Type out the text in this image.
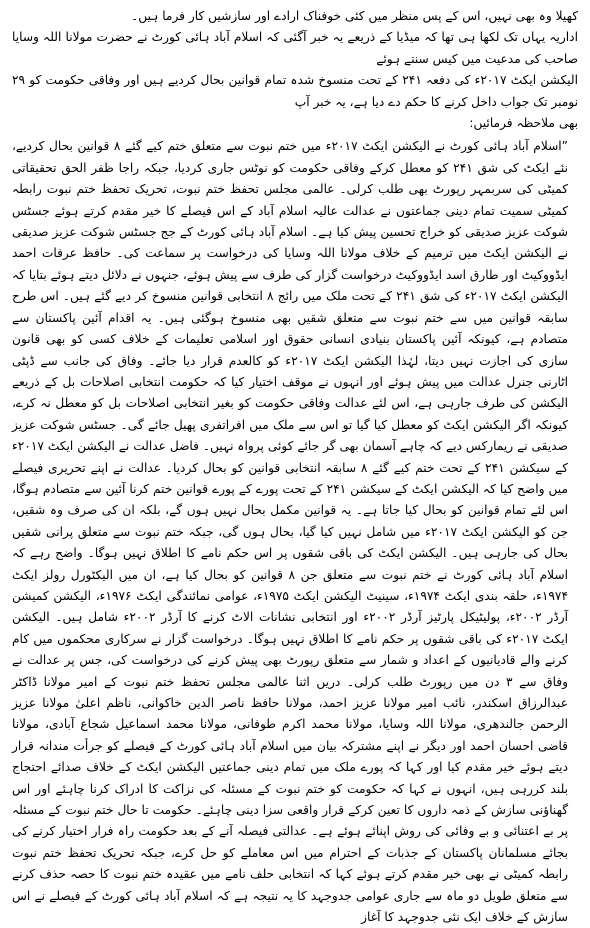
کھیلا وہ بھی نہیں، اس کے پس منظر میں کئی خوفناک ارادے اور سازشیں کار فرما ہیں۔
اداریہ یہاں تک لکھا ہی تھا کہ میڈیا کے ذریعے یہ خبر آگئی کہ اسلام آباد ہائی کورٹ نے حضرت مولانا اللہ وسایا صاحب کی مدعیت میں کیس سنتے ہوئے
الیکشن ایکٹ ۲۰۱۷ء کی دفعہ ۲۴۱ کے تحت منسوخ شدہ تمام قوانین بحال کردیے ہیں اور وفاقی حکومت کو ۲۹ نومبر تک جواب داخل کرنے کا حکم دے دیا ہے، یہ خبر آپ
بھی ملاحظہ فرمائیں:

”اسلام آباد ہائی کورٹ نے الیکشن ایکٹ ۲۰۱۷ء میں ختم نبوت سے متعلق ختم کیے گئے ۸ قوانین بحال کردیے، نئے ایکٹ کی شق ۲۴۱ کو معطل کرکے وفاقی حکومت کو نوٹس جاری کردیا، جبکہ راجا ظفر الحق تحقیقاتی کمیٹی کی سربمہر رپورٹ بھی طلب کرلی۔ عالمی مجلس تحفظ ختم نبوت، تحریک تحفظ ختم نبوت رابطہ کمیٹی سمیت تمام دینی جماعتوں نے عدالت عالیہ اسلام آباد کے اس فیصلے کا خیر مقدم کرتے ہوئے جسٹس شوکت عزیز صدیقی کو خراج تحسین پیش کیا ہے۔ اسلام آباد ہائی کورٹ کے جج جسٹس شوکت عزیز صدیقی نے الیکشن ایکٹ میں ترمیم کے خلاف مولانا اللہ وسایا کی درخواست پر سماعت کی۔ حافظ عرفات احمد ایڈووکیٹ اور طارق اسد ایڈووکیٹ درخواست گزار کی طرف سے پیش ہوئے، جنہوں نے دلائل دیتے ہوئے بتایا کہ الیکشن ایکٹ ۲۰۱۷ء کی شق ۲۴۱ کے تحت ملک میں رائج ۸ انتخابی قوانین منسوخ کر دیے گئے ہیں۔ اس طرح سابقہ قوانین میں سے ختم نبوت سے متعلق شقیں بھی منسوخ ہوگئی ہیں۔ یہ اقدام آئین پاکستان سے متصادم ہے، کیونکہ آئین پاکستان بنیادی انسانی حقوق اور اسلامی تعلیمات کے خلاف کسی کو بھی قانون سازی کی اجازت نہیں دیتا، لہٰذا الیکشن ایکٹ ۲۰۱۷ء کو کالعدم قرار دیا جائے۔ وفاق کی جانب سے ڈپٹی اٹارنی جنرل عدالت میں پیش ہوئے اور انہوں نے موقف اختیار کیا کہ حکومت انتخابی اصلاحات بل کے ذریعے الیکشن کی طرف جارہی ہے، اس لئے عدالت وفاقی حکومت کو بغیر انتخابی اصلاحات بل کو معطل نہ کرے، کیونکہ اگر الیکشن ایکٹ کو معطل کیا گیا تو اس سے ملک میں افراتفری پھیل جائے گی۔ جسٹس شوکت عزیز صدیقی نے ریمارکس دیے کہ چاہے آسمان بھی گر جائے کوئی پرواہ نہیں۔ فاضل عدالت نے الیکشن ایکٹ ۲۰۱۷ء کے سیکشن ۲۴۱ کے تحت ختم کیے گئے ۸ سابقہ انتخابی قوانین کو بحال کردیا۔ عدالت نے اپنے تحریری فیصلے میں واضح کیا کہ الیکشن ایکٹ کے سیکشن ۲۴۱ کے تحت پورے کے پورے قوانین ختم کرنا آئین سے متصادم ہوگا، اس لئے تمام قوانین کو بحال کیا جاتا ہے۔ یہ قوانین مکمل بحال نہیں ہوں گے، بلکہ ان کی صرف وہ شقیں، جن کو الیکشن ایکٹ ۲۰۱۷ء میں شامل نہیں کیا گیا، بحال ہوں گی، جبکہ ختم نبوت سے متعلق پرانی شقیں بحال کی جارہی ہیں۔ الیکشن ایکٹ کی باقی شقوں پر اس حکم نامے کا اطلاق نہیں ہوگا۔ واضح رہے کہ اسلام آباد ہائی کورٹ نے ختم نبوت سے متعلق جن ۸ قوانین کو بحال کیا ہے، ان میں الیکٹورل رولز ایکٹ ۱۹۷۴ء، حلقہ بندی ایکٹ ۱۹۷۴ء، سینیٹ الیکشن ایکٹ ۱۹۷۵ء، عوامی نمائندگی ایکٹ ۱۹۷۶ء، الیکشن کمیشن آرڈر ۲۰۰۲ء، پولیٹیکل پارٹیز آرڈر ۲۰۰۲ء اور انتخابی نشانات الاٹ کرنے کا آرڈر ۲۰۰۲ء شامل ہیں۔ الیکشن ایکٹ ۲۰۱۷ء کی باقی شقوں پر حکم نامے کا اطلاق نہیں ہوگا۔ درخواست گزار نے سرکاری محکموں میں کام کرنے والے قادیانیوں کے اعداد و شمار سے متعلق رپورٹ بھی پیش کرنے کی درخواست کی، جس پر عدالت نے وفاق سے ۳ دن میں رپورٹ طلب کرلی۔ دریں اثنا عالمی مجلس تحفظ ختم نبوت کے امیر مولانا ڈاکٹر عبدالرزاق اسکندر، نائب امیر مولانا عزیز احمد، مولانا حافظ ناصر الدین خاکوانی، ناظم اعلیٰ مولانا عزیز الرحمن جالندھری، مولانا اللہ وسایا، مولانا محمد اکرم طوفانی، مولانا محمد اسماعیل شجاع آبادی، مولانا قاضی احسان احمد اور دیگر نے اپنے مشترکہ بیان میں اسلام آباد ہائی کورٹ کے فیصلے کو جرأت مندانہ قرار دیتے ہوئے خیر مقدم کیا اور کہا کہ پورے ملک میں تمام دینی جماعتیں الیکشن ایکٹ کے خلاف صدائے احتجاج بلند کررہی ہیں، انہوں نے کہا کہ حکومت کو ختم نبوت کے مسئلہ کی نزاکت کا ادراک کرنا چاہئے اور اس گھناؤنی سازش کے ذمہ داروں کا تعین کرکے قرار واقعی سزا دینی چاہئے۔ حکومت تا حال ختم نبوت کے مسئلہ پر بے اعتنائی و بے وفائی کی روش اپنائے ہوئے ہے۔ عدالتی فیصلہ آنے کے بعد حکومت راہ فرار اختیار کرنے کی بجائے مسلمانان پاکستان کے جذبات کے احترام میں اس معاملے کو حل کرے، جبکہ تحریک تحفظ ختم نبوت رابطہ کمیٹی نے بھی خیر مقدم کرتے ہوئے کہا کہ انتخابی حلف نامے میں عقیدہ ختم نبوت کا حصہ حذف کرنے سے متعلق طویل دو ماہ سے جاری عوامی جدوجہد کا یہ نتیجہ ہے کہ اسلام آباد ہائی کورٹ کے فیصلے نے اس سازش کے خلاف ایک نئی جدوجہد کا آغاز
